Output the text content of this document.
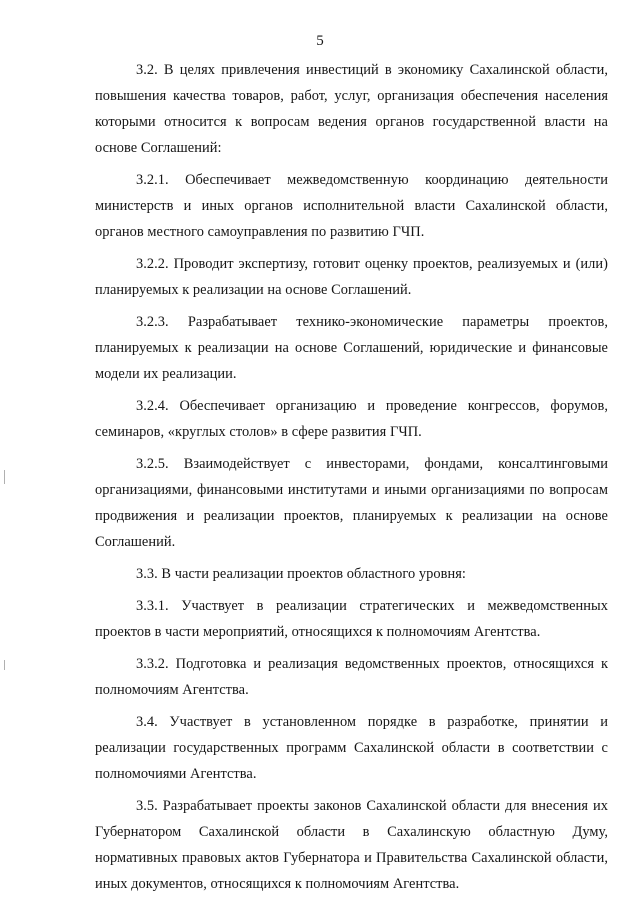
5

3.2. В целях привлечения инвестиций в экономику Сахалинской области, повышения качества товаров, работ, услуг, организация обеспечения населения которыми относится к вопросам ведения органов государственной власти на основе Соглашений:

3.2.1. Обеспечивает межведомственную координацию деятельности министерств и иных органов исполнительной власти Сахалинской области, органов местного самоуправления по развитию ГЧП.

3.2.2. Проводит экспертизу, готовит оценку проектов, реализуемых и (или) планируемых к реализации на основе Соглашений.

3.2.3. Разрабатывает технико-экономические параметры проектов, планируемых к реализации на основе Соглашений, юридические и финансовые модели их реализации.

3.2.4. Обеспечивает организацию и проведение конгрессов, форумов, семинаров, «круглых столов» в сфере развития ГЧП.

3.2.5. Взаимодействует с инвесторами, фондами, консалтинговыми организациями, финансовыми институтами и иными организациями по вопросам продвижения и реализации проектов, планируемых к реализации на основе Соглашений.

3.3. В части реализации проектов областного уровня:

3.3.1. Участвует в реализации стратегических и межведомственных проектов в части мероприятий, относящихся к полномочиям Агентства.

3.3.2. Подготовка и реализация ведомственных проектов, относящихся к полномочиям Агентства.

3.4. Участвует в установленном порядке в разработке, принятии и реализации государственных программ Сахалинской области в соответствии с полномочиями Агентства.

3.5. Разрабатывает проекты законов Сахалинской области для внесения их Губернатором Сахалинской области в Сахалинскую областную Думу, нормативных правовых актов Губернатора и Правительства Сахалинской области, иных документов, относящихся к полномочиям Агентства.
